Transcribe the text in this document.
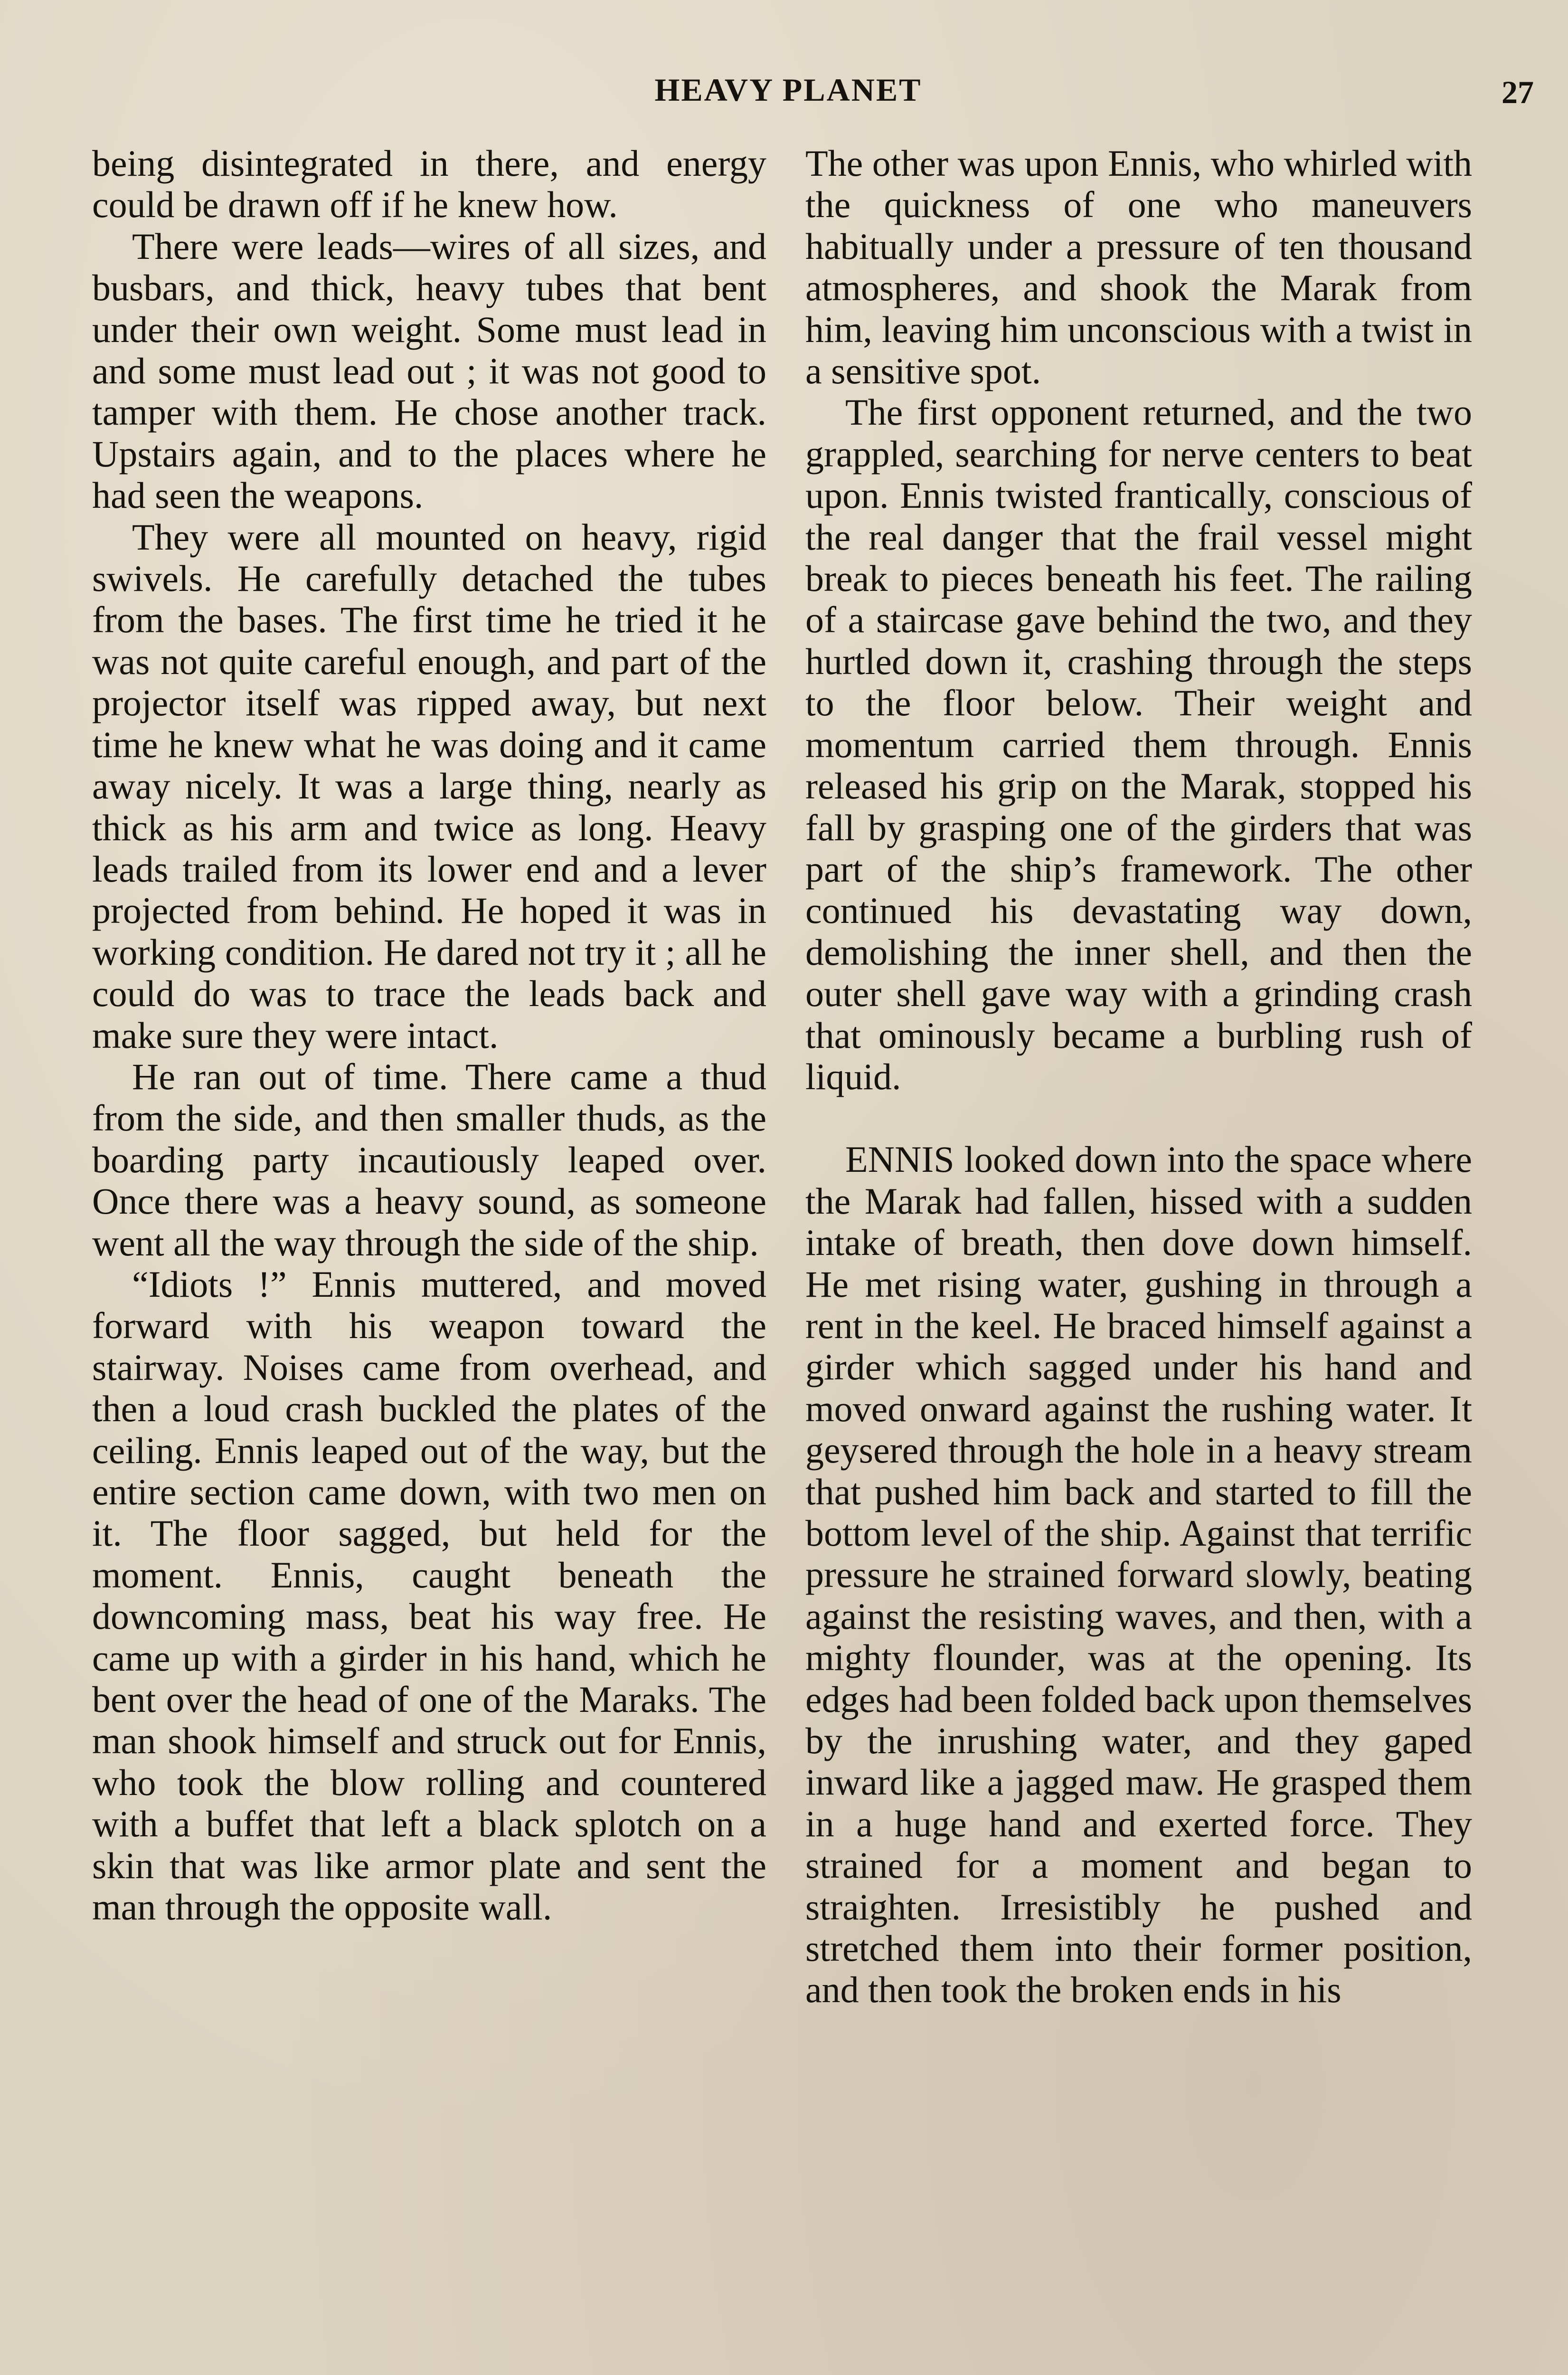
HEAVY PLANET	27

being disintegrated in there, and energy could be drawn off if he knew how.

There were leads—wires of all sizes, and busbars, and thick, heavy tubes that bent under their own weight. Some must lead in and some must lead out ; it was not good to tamper with them. He chose another track. Upstairs again, and to the places where he had seen the weapons.

They were all mounted on heavy, rigid swivels. He carefully detached the tubes from the bases. The first time he tried it he was not quite careful enough, and part of the projector itself was ripped away, but next time he knew what he was doing and it came away nicely. It was a large thing, nearly as thick as his arm and twice as long. Heavy leads trailed from its lower end and a lever projected from behind. He hoped it was in working condition. He dared not try it ; all he could do was to trace the leads back and make sure they were intact.

He ran out of time. There came a thud from the side, and then smaller thuds, as the boarding party incautiously leaped over. Once there was a heavy sound, as someone went all the way through the side of the ship.

“Idiots !” Ennis muttered, and moved forward with his weapon toward the stairway. Noises came from overhead, and then a loud crash buckled the plates of the ceiling. Ennis leaped out of the way, but the entire section came down, with two men on it. The floor sagged, but held for the moment. Ennis, caught beneath the downcoming mass, beat his way free. He came up with a girder in his hand, which he bent over the head of one of the Maraks. The man shook himself and struck out for Ennis, who took the blow rolling and countered with a buffet that left a black splotch on a skin that was like armor plate and sent the man through the opposite wall.

The other was upon Ennis, who whirled with the quickness of one who maneuvers habitually under a pressure of ten thousand atmospheres, and shook the Marak from him, leaving him unconscious with a twist in a sensitive spot.

The first opponent returned, and the two grappled, searching for nerve centers to beat upon. Ennis twisted frantically, conscious of the real danger that the frail vessel might break to pieces beneath his feet. The railing of a staircase gave behind the two, and they hurtled down it, crashing through the steps to the floor below. Their weight and momentum carried them through. Ennis released his grip on the Marak, stopped his fall by grasping one of the girders that was part of the ship’s framework. The other continued his devastating way down, demolishing the inner shell, and then the outer shell gave way with a grinding crash that ominously became a burbling rush of liquid.

ENNIS looked down into the space where the Marak had fallen, hissed with a sudden intake of breath, then dove down himself. He met rising water, gushing in through a rent in the keel. He braced himself against a girder which sagged under his hand and moved onward against the rushing water. It geysered through the hole in a heavy stream that pushed him back and started to fill the bottom level of the ship. Against that terrific pressure he strained forward slowly, beating against the resisting waves, and then, with a mighty flounder, was at the opening. Its edges had been folded back upon themselves by the inrushing water, and they gaped inward like a jagged maw. He grasped them in a huge hand and exerted force. They strained for a moment and began to straighten. Irresistibly he pushed and stretched them into their former position, and then took the broken ends in his
